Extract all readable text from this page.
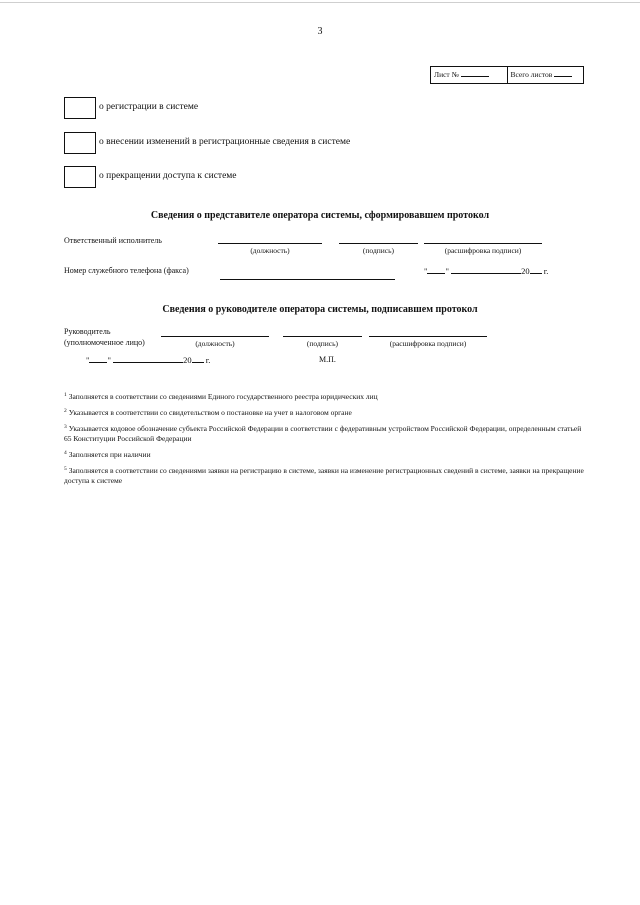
3
Лист №	Всего листов
о регистрации в системе
о внесении изменений в регистрационные сведения в системе
о прекращении доступа к системе
Сведения о представителе оператора системы, сформировавшем протокол
Ответственный исполнитель
(должность)	(подпись)	(расшифровка подписи)
Номер служебного телефона (факса)	" "	20 г.
Сведения о руководителе оператора системы, подписавшем протокол
Руководитель
(уполномоченное лицо)	(должность)	(подпись)	(расшифровка подписи)
" "	20 г.	М.П.
$^1$ Заполняется в соответствии со сведениями Единого государственного реестра юридических лиц
$^2$ Указывается в соответствии со свидетельством о постановке на учет в налоговом органе
$^3$ Указывается кодовое обозначение субъекта Российской Федерации в соответствии с федеративным устройством Российской Федерации, определенным статьей 65 Конституции Российской Федерации
$^4$ Заполняется при наличии
$^5$ Заполняется в соответствии со сведениями заявки на регистрацию в системе, заявки на изменение регистрационных сведений в системе, заявки на прекращение доступа к системе
